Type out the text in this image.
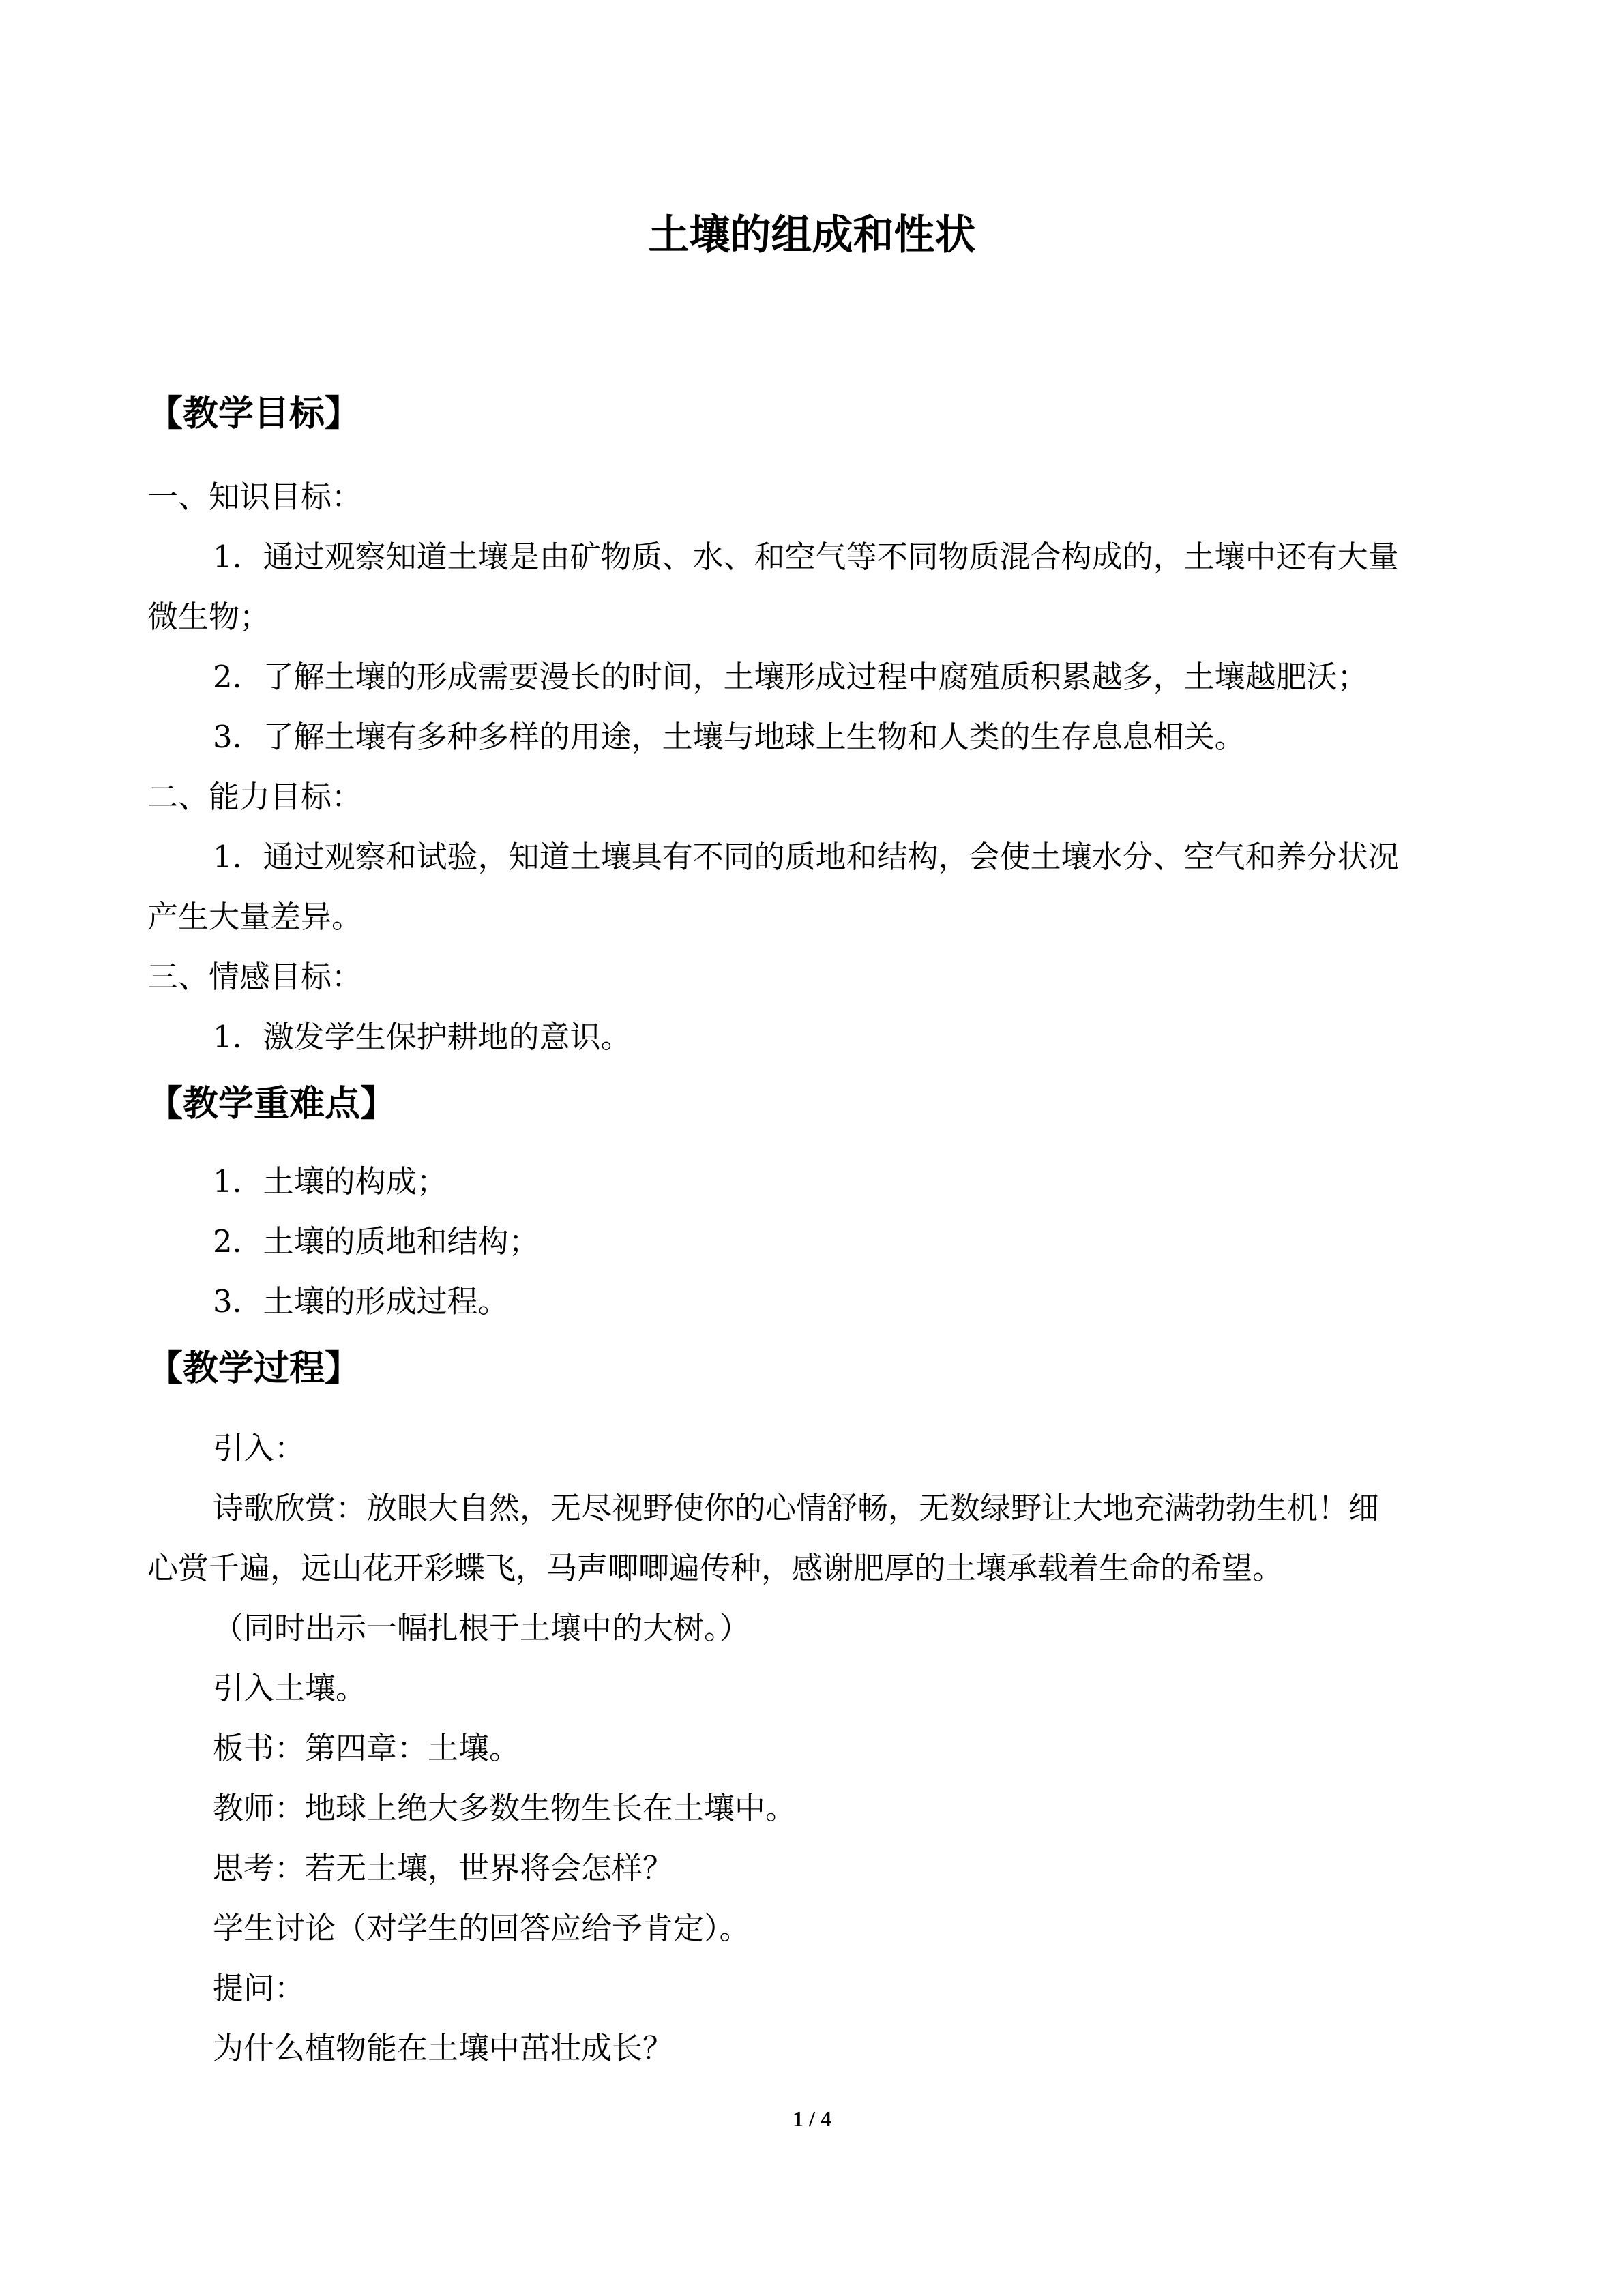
土壤的组成和性状
【教学目标】
一、知识目标：
1．通过观察知道土壤是由矿物质、水、和空气等不同物质混合构成的，土壤中还有大量
微生物；
2．了解土壤的形成需要漫长的时间，土壤形成过程中腐殖质积累越多，土壤越肥沃；
3．了解土壤有多种多样的用途，土壤与地球上生物和人类的生存息息相关。
二、能力目标：
1．通过观察和试验，知道土壤具有不同的质地和结构，会使土壤水分、空气和养分状况
产生大量差异。
三、情感目标：
1．激发学生保护耕地的意识。
【教学重难点】
1．土壤的构成；
2．土壤的质地和结构；
3．土壤的形成过程。
【教学过程】
引入：
诗歌欣赏：放眼大自然，无尽视野使你的心情舒畅，无数绿野让大地充满勃勃生机！细
心赏千遍，远山花开彩蝶飞，马声唧唧遍传种，感谢肥厚的土壤承载着生命的希望。
（同时出示一幅扎根于土壤中的大树。）
引入土壤。
板书：第四章：土壤。
教师：地球上绝大多数生物生长在土壤中。
思考：若无土壤，世界将会怎样？
学生讨论（对学生的回答应给予肯定）。
提问：
为什么植物能在土壤中茁壮成长？
1 / 4
